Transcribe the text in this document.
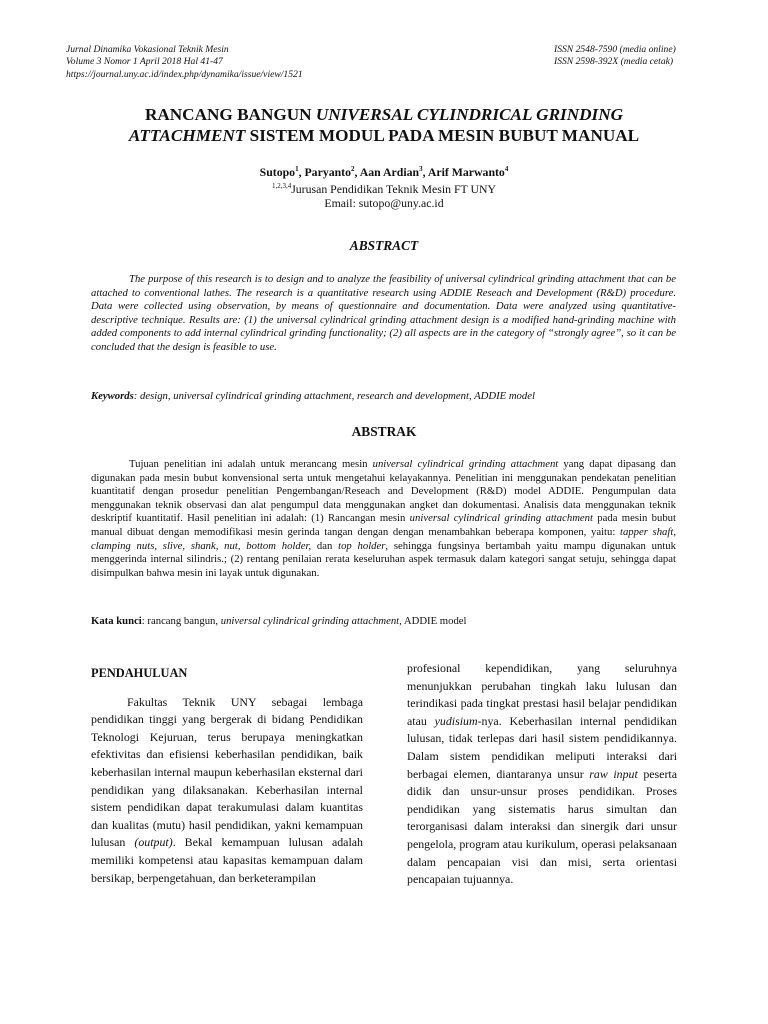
Jurnal Dinamika Vokasional Teknik Mesin	ISSN 2548-7590 (media online)
Volume 3 Nomor 1 April 2018 Hal 41-47	ISSN 2598-392X (media cetak)
https://journal.uny.ac.id/index.php/dynamika/issue/view/1521
RANCANG BANGUN UNIVERSAL CYLINDRICAL GRINDING
ATTACHMENT SISTEM MODUL PADA MESIN BUBUT MANUAL
Sutopo$^1$, Paryanto$^2$, Aan Ardian$^3$, Arif Marwanto$^4$
$^{1,2,3,4}$Jurusan Pendidikan Teknik Mesin FT UNY
Email: sutopo@uny.ac.id
ABSTRACT
The purpose of this research is to design and to analyze the feasibility of universal cylindrical grinding attachment that can be attached to conventional lathes. The research is a quantitative research using ADDIE Reseach and Development (R&D) procedure. Data were collected using observation, by means of questionnaire and documentation. Data were analyzed using quantitative-descriptive technique. Results are: (1) the universal cylindrical grinding attachment design is a modified hand-grinding machine with added components to add internal cylindrical grinding functionality; (2) all aspects are in the category of “strongly agree”, so it can be concluded that the design is feasible to use.
Keywords: design, universal cylindrical grinding attachment, research and development, ADDIE model
ABSTRAK
Tujuan penelitian ini adalah untuk merancang mesin universal cylindrical grinding attachment yang dapat dipasang dan digunakan pada mesin bubut konvensional serta untuk mengetahui kelayakannya. Penelitian ini menggunakan pendekatan penelitian kuantitatif dengan prosedur penelitian Pengembangan/Reseach and Development (R&D) model ADDIE. Pengumpulan data menggunakan teknik observasi dan alat pengumpul data menggunakan angket dan dokumentasi. Analisis data menggunakan teknik deskriptif kuantitatif. Hasil penelitian ini adalah: (1) Rancangan mesin universal cylindrical grinding attachment pada mesin bubut manual dibuat dengan memodifikasi mesin gerinda tangan dengan dengan menambahkan beberapa komponen, yaitu: tapper shaft, clamping nuts, slive, shank, nut, bottom holder, dan top holder, sehingga fungsinya bertambah yaitu mampu digunakan untuk menggerinda internal silindris.; (2) rentang penilaian rerata keseluruhan aspek termasuk dalam kategori sangat setuju, sehingga dapat disimpulkan bahwa mesin ini layak untuk digunakan.
Kata kunci: rancang bangun, universal cylindrical grinding attachment, ADDIE model
PENDAHULUAN
Fakultas Teknik UNY sebagai lembaga pendidikan tinggi yang bergerak di bidang Pendidikan Teknologi Kejuruan, terus berupaya meningkatkan efektivitas dan efisiensi keberhasilan pendidikan, baik keberhasilan internal maupun keberhasilan eksternal dari pendidikan yang dilaksanakan. Keberhasilan internal sistem pendidikan dapat terakumulasi dalam kuantitas dan kualitas (mutu) hasil pendidikan, yakni kemampuan lulusan (output). Bekal kemampuan lulusan adalah memiliki kompetensi atau kapasitas kemampuan dalam bersikap, berpengetahuan, dan berketerampilan
profesional kependidikan, yang seluruhnya menunjukkan perubahan tingkah laku lulusan dan terindikasi pada tingkat prestasi hasil belajar pendidikan atau yudisium-nya. Keberhasilan internal pendidikan lulusan, tidak terlepas dari hasil sistem pendidikannya. Dalam sistem pendidikan meliputi interaksi dari berbagai elemen, diantaranya unsur raw input peserta didik dan unsur-unsur proses pendidikan. Proses pendidikan yang sistematis harus simultan dan terorganisasi dalam interaksi dan sinergik dari unsur pengelola, program atau kurikulum, operasi pelaksanaan dalam pencapaian visi dan misi, serta orientasi pencapaian tujuannya.
